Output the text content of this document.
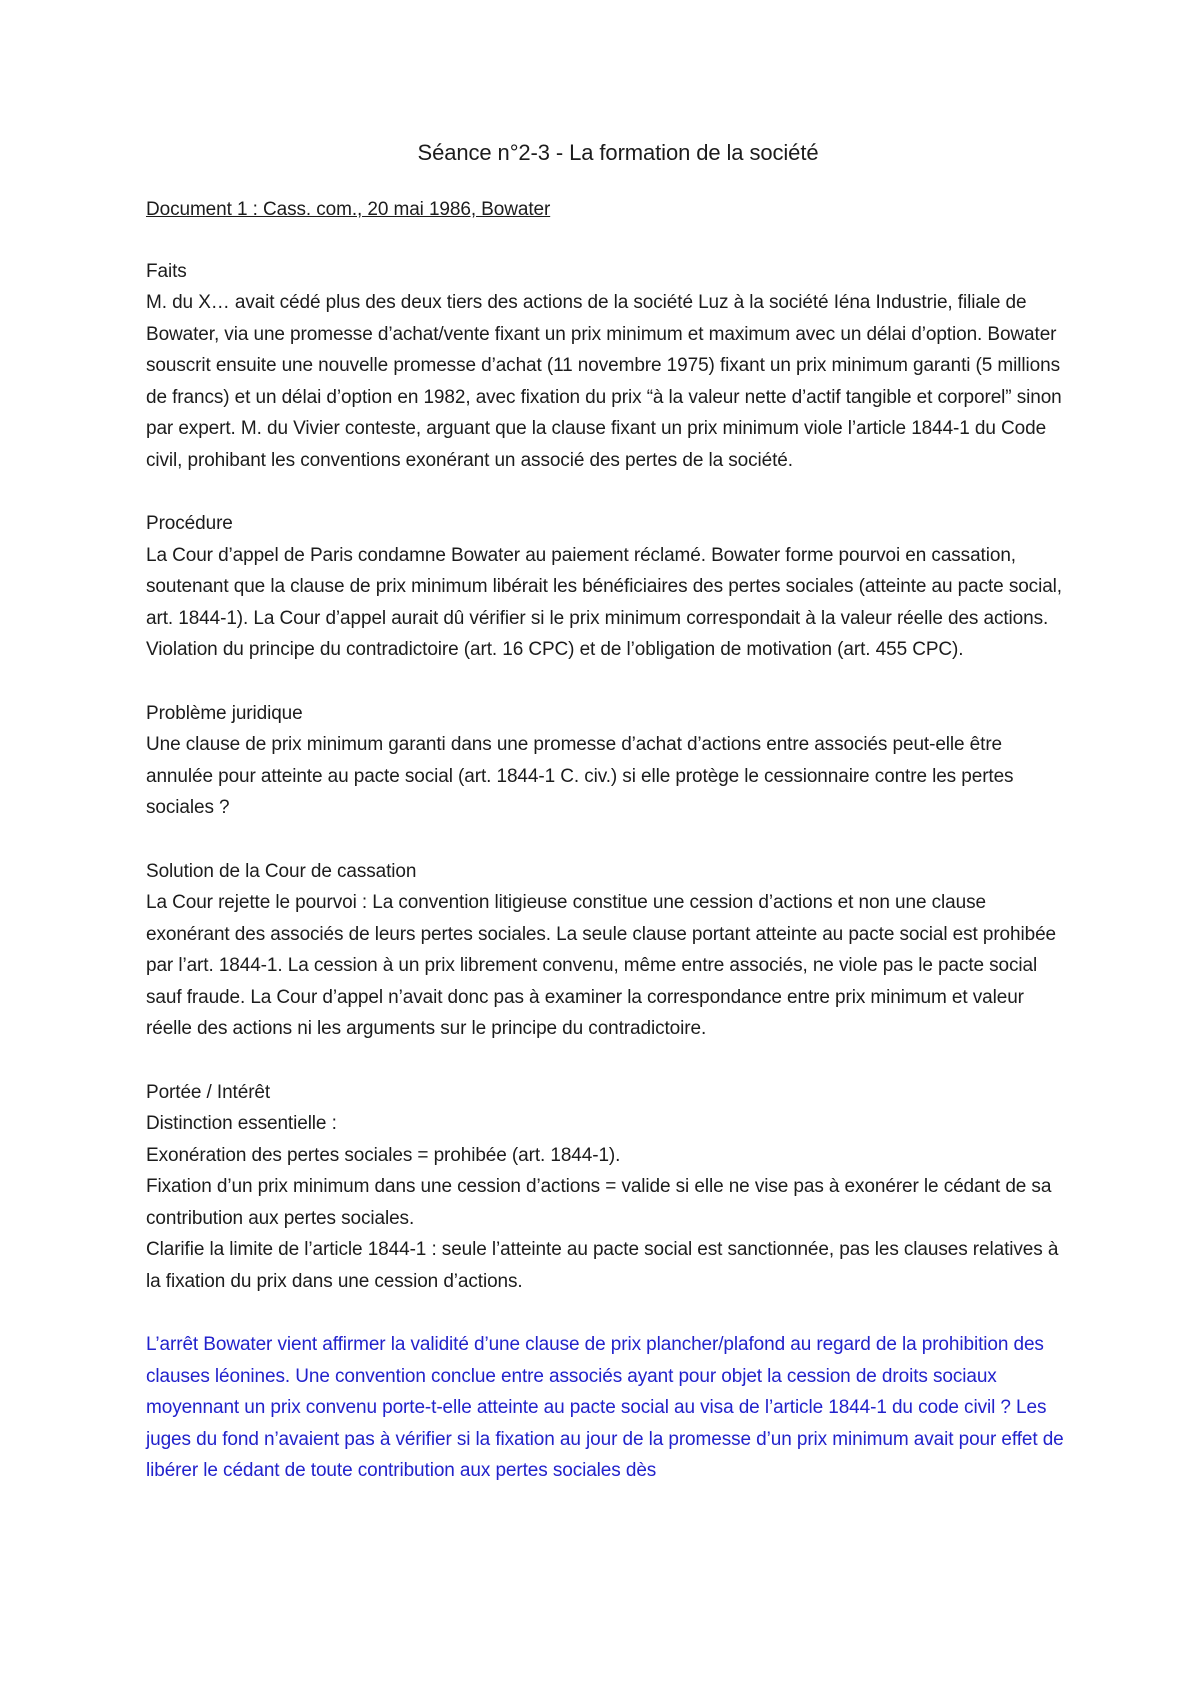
Séance n°2-3 - La formation de la société

Document 1 : Cass. com., 20 mai 1986, Bowater

Faits

M. du X… avait cédé plus des deux tiers des actions de la société Luz à la société Iéna Industrie, filiale de Bowater, via une promesse d’achat/vente fixant un prix minimum et maximum avec un délai d’option. Bowater souscrit ensuite une nouvelle promesse d’achat (11 novembre 1975) fixant un prix minimum garanti (5 millions de francs) et un délai d’option en 1982, avec fixation du prix “à la valeur nette d’actif tangible et corporel” sinon par expert. M. du Vivier conteste, arguant que la clause fixant un prix minimum viole l’article 1844-1 du Code civil, prohibant les conventions exonérant un associé des pertes de la société.

Procédure

La Cour d’appel de Paris condamne Bowater au paiement réclamé. Bowater forme pourvoi en cassation, soutenant que la clause de prix minimum libérait les bénéficiaires des pertes sociales (atteinte au pacte social, art. 1844-1). La Cour d’appel aurait dû vérifier si le prix minimum correspondait à la valeur réelle des actions. Violation du principe du contradictoire (art. 16 CPC) et de l’obligation de motivation (art. 455 CPC).

Problème juridique

Une clause de prix minimum garanti dans une promesse d’achat d’actions entre associés peut-elle être annulée pour atteinte au pacte social (art. 1844-1 C. civ.) si elle protège le cessionnaire contre les pertes sociales ?

Solution de la Cour de cassation

La Cour rejette le pourvoi : La convention litigieuse constitue une cession d’actions et non une clause exonérant des associés de leurs pertes sociales. La seule clause portant atteinte au pacte social est prohibée par l’art. 1844-1. La cession à un prix librement convenu, même entre associés, ne viole pas le pacte social sauf fraude. La Cour d’appel n’avait donc pas à examiner la correspondance entre prix minimum et valeur réelle des actions ni les arguments sur le principe du contradictoire.

Portée / Intérêt

Distinction essentielle :

Exonération des pertes sociales = prohibée (art. 1844-1).

Fixation d’un prix minimum dans une cession d’actions = valide si elle ne vise pas à exonérer le cédant de sa contribution aux pertes sociales.

Clarifie la limite de l’article 1844-1 : seule l’atteinte au pacte social est sanctionnée, pas les clauses relatives à la fixation du prix dans une cession d’actions.

L’arrêt Bowater vient affirmer la validité d’une clause de prix plancher/plafond au regard de la prohibition des clauses léonines. Une convention conclue entre associés ayant pour objet la cession de droits sociaux moyennant un prix convenu porte-t-elle atteinte au pacte social au visa de l’article 1844-1 du code civil ? Les juges du fond n’avaient pas à vérifier si la fixation au jour de la promesse d’un prix minimum avait pour effet de libérer le cédant de toute contribution aux pertes sociales dès
